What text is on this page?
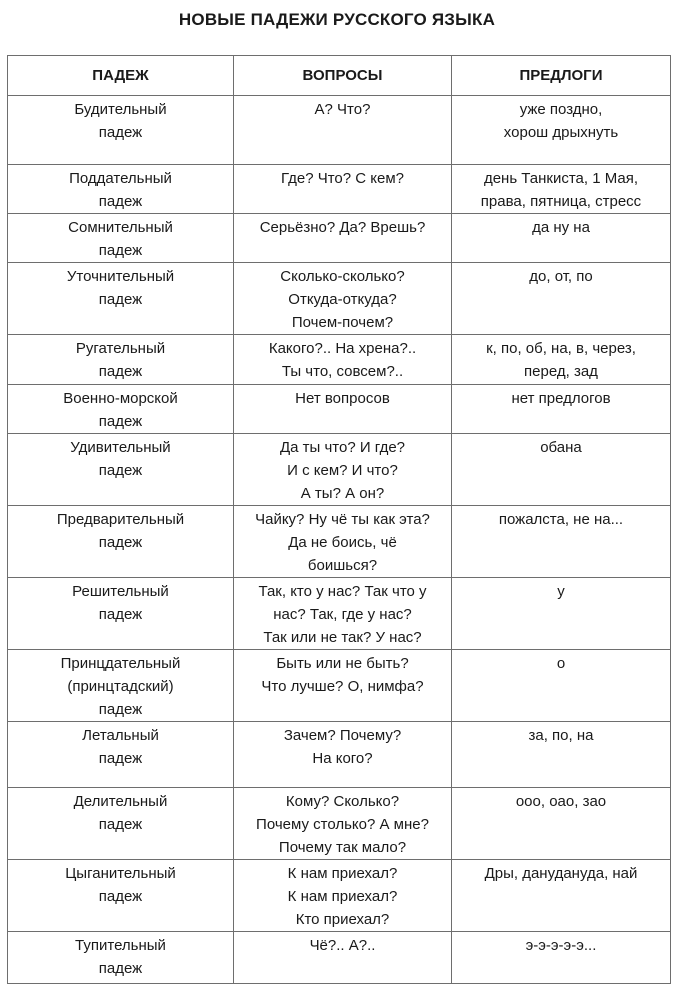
НОВЫЕ ПАДЕЖИ РУССКОГО ЯЗЫКА
ПАДЕЖ	ВОПРОСЫ	ПРЕДЛОГИ

Будительный
падеж	А? Что?	уже поздно,
хорош дрыхнуть

Поддательный
падеж	Где? Что? С кем?	день Танкиста, 1 Мая,
права, пятница, стресс

Сомнительный
падеж	Серьёзно? Да? Врешь?	да ну на

Уточнительный
падеж	Сколько-сколько?
Откуда-откуда?
Почем-почем?	до, от, по

Ругательный
падеж	Какого?.. На хрена?..
Ты что, совсем?..	к, по, об, на, в, через,
перед, зад

Военно-морской
падеж	Нет вопросов	нет предлогов

Удивительный
падеж	Да ты что? И где?
И с кем? И что?
А ты? А он?	обана

Предварительный
падеж	Чайку? Ну чё ты как эта?
Да не боись, чё
боишься?	пожалста, не на...

Решительный
падеж	Так, кто у нас? Так что у
нас? Так, где у нас?
Так или не так? У нас?	у

Принцдательный
(принцтадский)
падеж	Быть или не быть?
Что лучше? О, нимфа?	о

Летальный
падеж	Зачем? Почему?
На кого?	за, по, на

Делительный
падеж	Кому? Сколько?
Почему столько? А мне?
Почему так мало?	ооо, оао, зао

Цыганительный
падеж	К нам приехал?
К нам приехал?
Кто приехал?	Дры, дануданудa, най

Тупительный
падеж	Чё?.. А?..	э-э-э-э-э...
